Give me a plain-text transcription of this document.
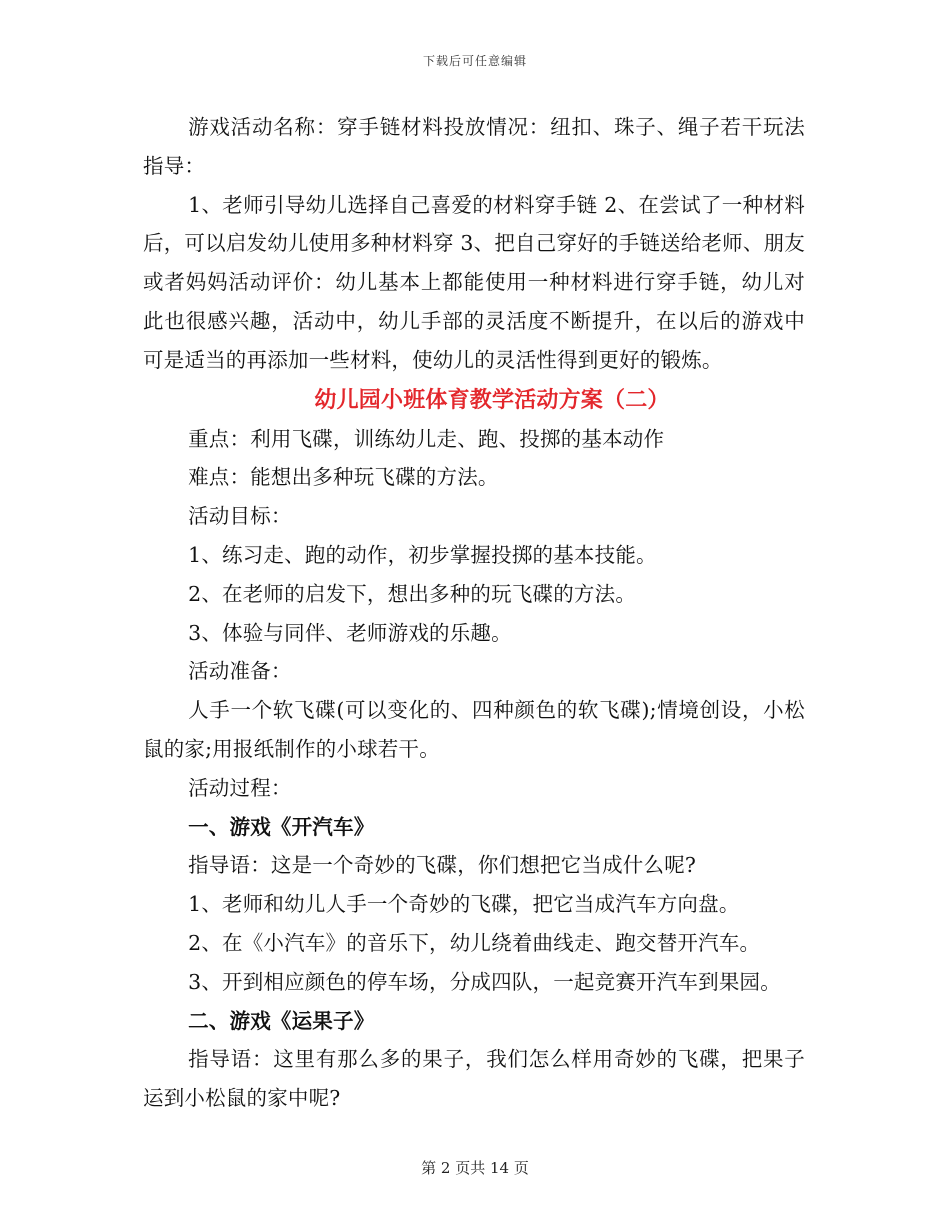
下载后可任意编辑

游戏活动名称：穿手链材料投放情况：纽扣、珠子、绳子若干玩法指导：

1、老师引导幼儿选择自己喜爱的材料穿手链 2、在尝试了一种材料后，可以启发幼儿使用多种材料穿 3、把自己穿好的手链送给老师、朋友或者妈妈活动评价：幼儿基本上都能使用一种材料进行穿手链，幼儿对此也很感兴趣，活动中，幼儿手部的灵活度不断提升，在以后的游戏中可是适当的再添加一些材料，使幼儿的灵活性得到更好的锻炼。

幼儿园小班体育教学活动方案（二）

重点：利用飞碟，训练幼儿走、跑、投掷的基本动作

难点：能想出多种玩飞碟的方法。

活动目标：

1、练习走、跑的动作，初步掌握投掷的基本技能。

2、在老师的启发下，想出多种的玩飞碟的方法。

3、体验与同伴、老师游戏的乐趣。

活动准备：

人手一个软飞碟(可以变化的、四种颜色的软飞碟);情境创设，小松鼠的家;用报纸制作的小球若干。

活动过程：

一、游戏《开汽车》

指导语：这是一个奇妙的飞碟，你们想把它当成什么呢?

1、老师和幼儿人手一个奇妙的飞碟，把它当成汽车方向盘。

2、在《小汽车》的音乐下，幼儿绕着曲线走、跑交替开汽车。

3、开到相应颜色的停车场，分成四队，一起竞赛开汽车到果园。

二、游戏《运果子》

指导语：这里有那么多的果子，我们怎么样用奇妙的飞碟，把果子运到小松鼠的家中呢?

第 2 页共 14 页
